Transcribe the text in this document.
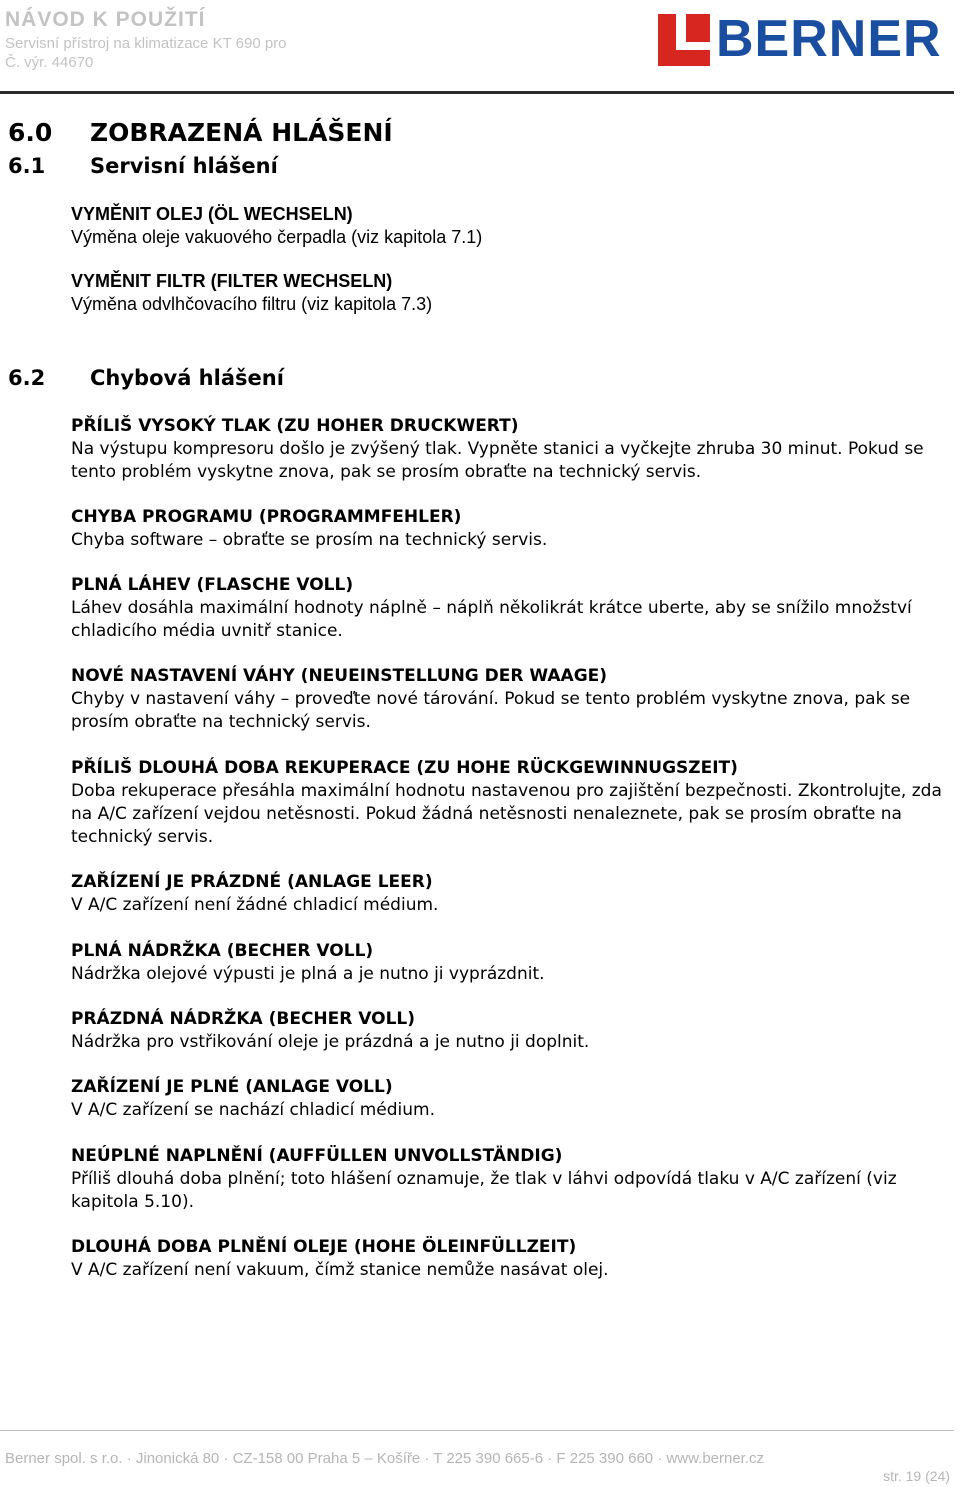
NÁVOD K POUŽITÍ
Servisní přístroj na klimatizace KT 690 pro
Č. výr. 44670	BERNER
6.0 ZOBRAZENÁ HLÁŠENÍ
6.1 Servisní hlášení
VYMĚNIT OLEJ (ÖL WECHSELN)
Výměna oleje vakuového čerpadla (viz kapitola 7.1)
VYMĚNIT FILTR (FILTER WECHSELN)
Výměna odvlhčovacího filtru (viz kapitola 7.3)
6.2 Chybová hlášení
PŘÍLIŠ VYSOKÝ TLAK (ZU HOHER DRUCKWERT)
Na výstupu kompresoru došlo je zvýšený tlak. Vypněte stanici a vyčkejte zhruba 30 minut. Pokud se tento problém vyskytne znova, pak se prosím obraťte na technický servis.
CHYBA PROGRAMU (PROGRAMMFEHLER)
Chyba software – obraťte se prosím na technický servis.
PLNÁ LÁHEV (FLASCHE VOLL)
Láhev dosáhla maximální hodnoty náplně – náplň několikrát krátce uberte, aby se snížilo množství chladicího média uvnitř stanice.
NOVÉ NASTAVENÍ VÁHY (NEUEINSTELLUNG DER WAAGE)
Chyby v nastavení váhy – proveďte nové tárování. Pokud se tento problém vyskytne znova, pak se prosím obraťte na technický servis.
PŘÍLIŠ DLOUHÁ DOBA REKUPERACE (ZU HOHE RÜCKGEWINNUGSZEIT)
Doba rekuperace přesáhla maximální hodnotu nastavenou pro zajištění bezpečnosti. Zkontrolujte, zda na A/C zařízení vejdou netěsnosti. Pokud žádná netěsnosti nenaleznete, pak se prosím obraťte na technický servis.
ZAŘÍZENÍ JE PRÁZDNÉ (ANLAGE LEER)
V A/C zařízení není žádné chladicí médium.
PLNÁ NÁDRŽKA (BECHER VOLL)
Nádržka olejové výpusti je plná a je nutno ji vyprázdnit.
PRÁZDNÁ NÁDRŽKA (BECHER VOLL)
Nádržka pro vstřikování oleje je prázdná a je nutno ji doplnit.
ZAŘÍZENÍ JE PLNÉ (ANLAGE VOLL)
V A/C zařízení se nachází chladicí médium.
NEÚPLNÉ NAPLNĚNÍ (AUFFÜLLEN UNVOLLSTÄNDIG)
Příliš dlouhá doba plnění; toto hlášení oznamuje, že tlak v láhvi odpovídá tlaku v A/C zařízení (viz kapitola 5.10).
DLOUHÁ DOBA PLNĚNÍ OLEJE (HOHE ÖLEINFÜLLZEIT)
V A/C zařízení není vakuum, čímž stanice nemůže nasávat olej.
Berner spol. s r.o. · Jinonická 80 · CZ-158 00 Praha 5 – Košíře · T 225 390 665-6 · F 225 390 660 · www.berner.cz
str. 19 (24)
